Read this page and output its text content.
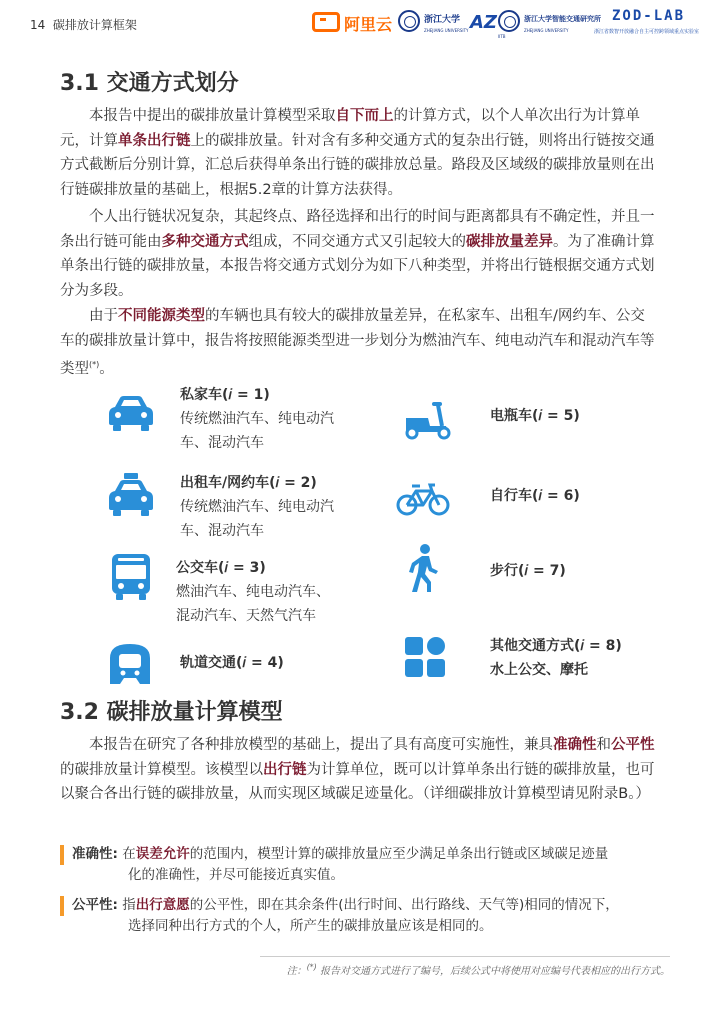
14 碳排放计算框架	阿里云	浙江大学
ZHEJIANG UNIVERSITY AZ	浙江大学智能交通研究所
IITB
ZHEJIANG UNIVERSITY
ZOD-LAB
浙江省数智开放融合自主可控跨领域重点实验室
3.1 交通方式划分

本报告中提出的碳排放量计算模型采取自下而上的计算方式，以个人单次出行为计算单元，计算单条出行链上的碳排放量。针对含有多种交通方式的复杂出行链，则将出行链按交通方式截断后分别计算，汇总后获得单条出行链的碳排放总量。路段及区域级的碳排放量则在出行链碳排放量的基础上，根据5.2章的计算方法获得。

个人出行链状况复杂，其起终点、路径选择和出行的时间与距离都具有不确定性，并且一条出行链可能由多种交通方式组成，不同交通方式又引起较大的碳排放量差异。为了准确计算单条出行链的碳排放量，本报告将交通方式划分为如下八种类型，并将出行链根据交通方式划分为多段。

由于不同能源类型的车辆也具有较大的碳排放量差异，在私家车、出租车/网约车、公交车的碳排放量计算中，报告将按照能源类型进一步划分为燃油汽车、纯电动汽车和混动汽车等类型(*)。

私家车(𝑖 = 1)
传统燃油汽车、纯电动汽
车、混动汽车
出租车/网约车(𝑖 = 2)
传统燃油汽车、纯电动汽
车、混动汽车
公交车(𝑖 = 3)
燃油汽车、纯电动汽车、
混动汽车、天然气汽车
轨道交通(𝑖 = 4)
电瓶车(𝑖 = 5)
自行车(𝑖 = 6)
步行(𝑖 = 7)
其他交通方式(𝑖 = 8)
水上公交、摩托
3.2 碳排放量计算模型

本报告在研究了各种排放模型的基础上，提出了具有高度可实施性，兼具准确性和公平性的碳排放量计算模型。该模型以出行链为计算单位，既可以计算单条出行链的碳排放量，也可以聚合各出行链的碳排放量，从而实现区域碳足迹量化。（详细碳排放计算模型请见附录B。）

准确性: 在误差允许的范围内，模型计算的碳排放量应至少满足单条出行链或区域碳足迹量
化的准确性，并尽可能接近真实值。
公平性: 指出行意愿的公平性，即在其余条件(出行时间、出行路线、天气等)相同的情况下，
选择同种出行方式的个人，所产生的碳排放量应该是相同的。
注：(*) 报告对交通方式进行了编号，后续公式中将使用对应编号代表相应的出行方式。
